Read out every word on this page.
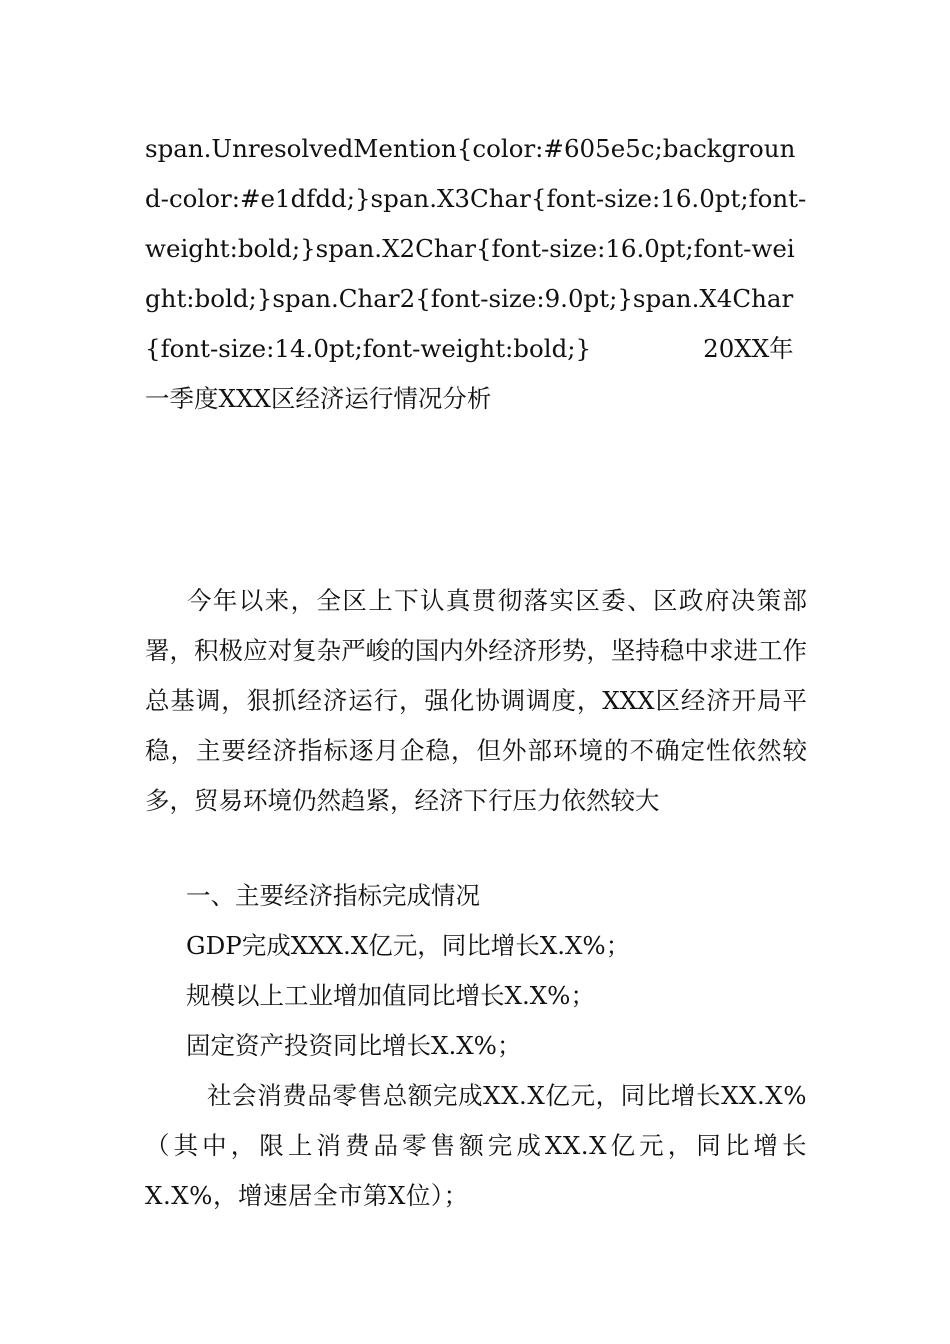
span.UnresolvedMention{color:#605e5c;background-color:#e1dfdd;}span.X3Char{font-size:16.0pt;font-weight:bold;}span.X2Char{font-size:16.0pt;font-weight:bold;}span.Char2{font-size:9.0pt;}span.X4Char{font-size:14.0pt;font-weight:bold;}	20XX年一季度XXX区经济运行情况分析

今年以来，全区上下认真贯彻落实区委、区政府决策部署，积极应对复杂严峻的国内外经济形势，坚持稳中求进工作总基调，狠抓经济运行，强化协调调度，XXX区经济开局平稳，主要经济指标逐月企稳，但外部环境的不确定性依然较多，贸易环境仍然趋紧，经济下行压力依然较大

一、主要经济指标完成情况

GDP完成XXX.X亿元，同比增长X.X%；

规模以上工业增加值同比增长X.X%；

固定资产投资同比增长X.X%；

社会消费品零售总额完成XX.X亿元，同比增长XX.X%（其中，限上消费品零售额完成XX.X亿元，同比增长X.X%，增速居全市第X位）；
